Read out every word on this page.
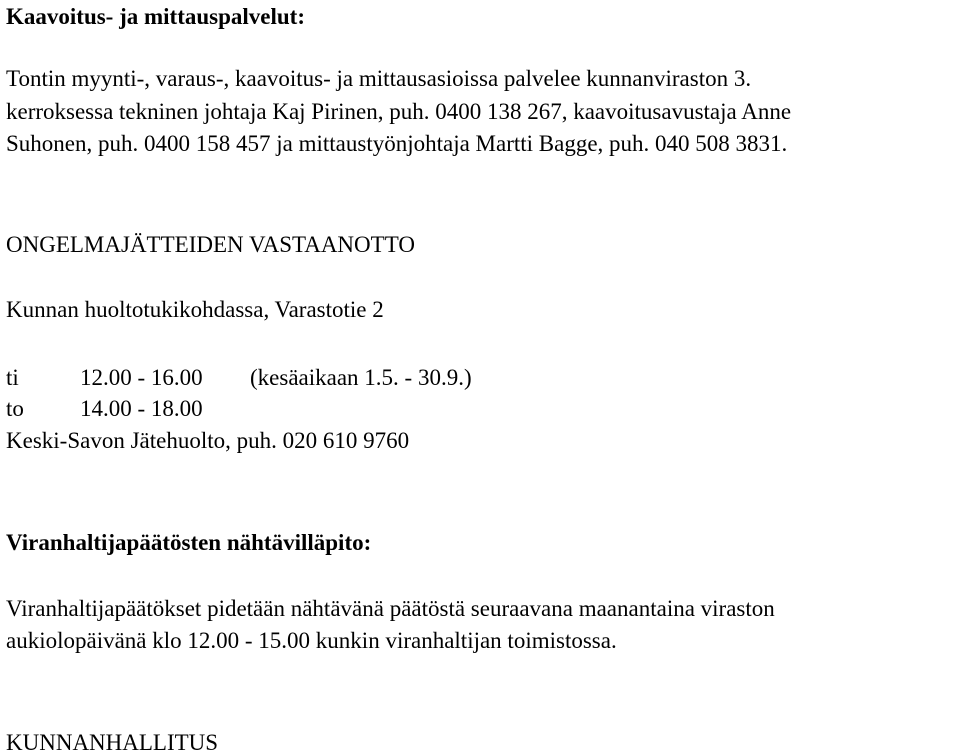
Kaavoitus- ja mittauspalvelut:
Tontin myynti-, varaus-, kaavoitus- ja mittausasioissa palvelee kunnanviraston 3.
kerroksessa tekninen johtaja Kaj Pirinen, puh. 0400 138 267, kaavoitusavustaja Anne
Suhonen, puh. 0400 158 457 ja mittaustyönjohtaja Martti Bagge, puh. 040 508 3831.
ONGELMAJÄTTEIDEN VASTAANOTTO
Kunnan huoltotukikohdassa, Varastotie 2
ti	12.00 - 16.00 (kesäaikaan 1.5. - 30.9.)
to 14.00 - 18.00
Keski-Savon Jätehuolto, puh. 020 610 9760
Viranhaltijapäätösten nähtävilläpito:
Viranhaltijapäätökset pidetään nähtävänä päätöstä seuraavana maanantaina viraston
aukiolopäivänä klo 12.00 - 15.00 kunkin viranhaltijan toimistossa.
KUNNANHALLITUS
